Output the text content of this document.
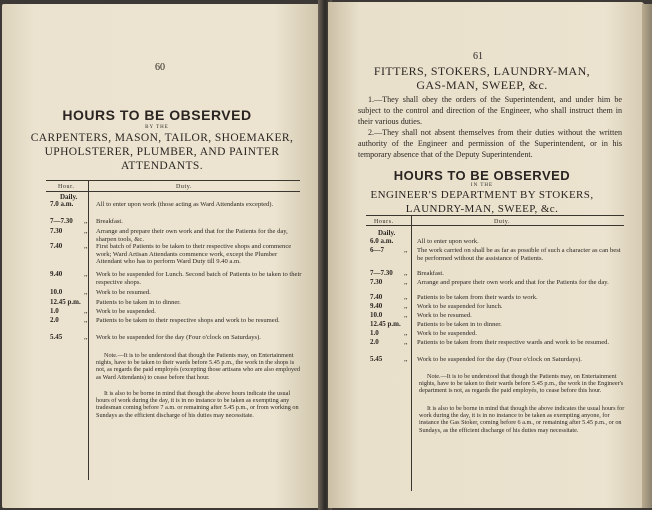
60
HOURS TO BE OBSERVED
BY THE
CARPENTERS, MASON, TAILOR, SHOEMAKER,
UPHOLSTERER, PLUMBER, AND PAINTER
ATTENDANTS.
Hour.	Duty.
Daily.
7.0 a.m.	All to enter upon work (those acting as Ward Attendants excepted).
7—7.30 ,, Breakfast.
7.30	,, Arrange and prepare their own work and that for the Patients for the day, sharpen tools, &c.
7.40	,, First batch of Patients to be taken to their respective shops and commence work; Ward Artisan Attendants commence work, except the Plumber Attendant who has to perform Ward Duty till 9.40 a.m.
9.40	,, Work to be suspended for Lunch. Second batch of Patients to be taken to their respective shops.
10.0	,, Work to be resumed.
12.45 p.m. Patients to be taken in to dinner.
1.0	,, Work to be suspended.
2.0	,, Patients to be taken to their respective shops and work to be resumed.
5.45	,, Work to be suspended for the day (Four o'clock on Saturdays).
Note.—It is to be understood that though the Patients may, on Entertainment nights, have to be taken to their wards before 5.45 p.m., the work in the shops is not, as regards the paid employés (excepting those artisans who are also employed as Ward Attendants) to cease before that hour.
It is also to be borne in mind that though the above hours indicate the usual hours of work during the day, it is in no instance to be taken as exempting any tradesman coming before 7 a.m. or remaining after 5.45 p.m., or from working on Sundays as the efficient discharge of his duties may necessitate.
61
FITTERS, STOKERS, LAUNDRY-MAN,
GAS-MAN, SWEEP, &c.

1.—They shall obey the orders of the Superintendent, and under him be subject to the control and direction of the Engineer, who shall instruct them in their various duties.

2.—They shall not absent themselves from their duties without the written authority of the Engineer and permission of the Superintendent, or in his temporary absence that of the Deputy Superintendent.

HOURS TO BE OBSERVED
IN THE
ENGINEER'S DEPARTMENT BY STOKERS,
LAUNDRY-MAN, SWEEP, &c.
Hours.	Duty.
Daily.
6.0 a.m.	All to enter upon work.
6—7	,, The work carried on shall be as far as possible of such a character as can best be performed without the assistance of Patients.
7—7.30 ,, Breakfast.
7.30	,, Arrange and prepare their own work and that for the Patients for the day.
7.40	,, Patients to be taken from their wards to work.
9.40	,, Work to be suspended for lunch.
10.0	,, Work to be resumed.
12.45 p.m. Patients to be taken in to dinner.
1.0	,, Work to be suspended.
2.0	,, Patients to be taken from their respective wards and work to be resumed.
5.45	,, Work to be suspended for the day (Four o'clock on Saturdays).
Note.—It is to be understood that though the Patients may, on Entertainment nights, have to be taken to their wards before 5.45 p.m., the work in the Engineer's department is not, as regards the paid employés, to cease before this hour.
It is also to be borne in mind that though the above indicates the usual hours for work during the day, it is in no instance to be taken as exempting anyone, for instance the Gas Stoker, coming before 6 a.m., or remaining after 5.45 p.m., or on Sundays, as the efficient discharge of his duties may necessitate.
